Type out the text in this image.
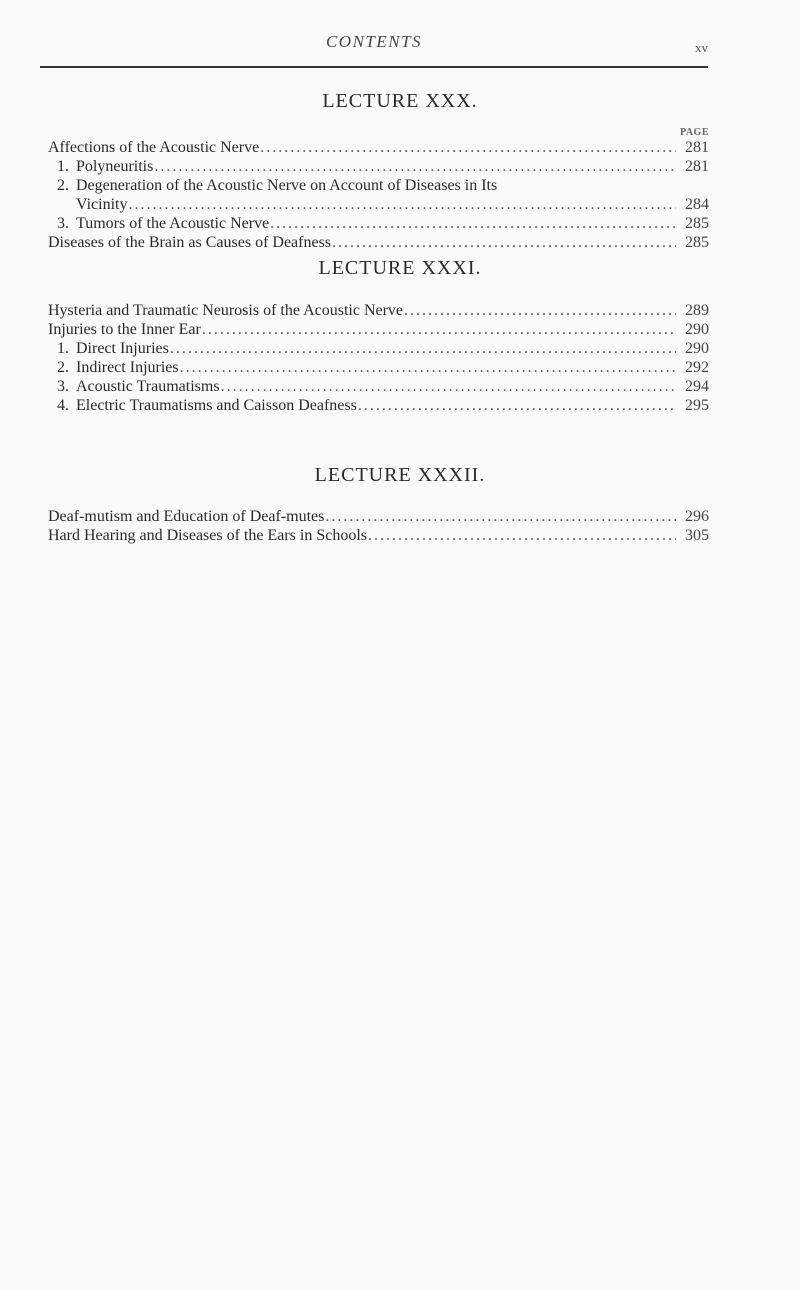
CONTENTS	xv
LECTURE XXX.
PAGE
Affections of the Acoustic Nerve .....	281
1. Polyneuritis .....	281
2. Degeneration of the Acoustic Nerve on Account of Diseases in Its
Vicinity .....	284
3. Tumors of the Acoustic Nerve .....	285
Diseases of the Brain as Causes of Deafness .....	285
LECTURE XXXI.
Hysteria and Traumatic Neurosis of the Acoustic Nerve .....	289
Injuries to the Inner Ear .....	290
1. Direct Injuries .....	290
2. Indirect Injuries .....	292
3. Acoustic Traumatisms .....	294
4. Electric Traumatisms and Caisson Deafness .....	295
LECTURE XXXII.
Deaf-mutism and Education of Deaf-mutes .....	296
Hard Hearing and Diseases of the Ears in Schools .....	305
